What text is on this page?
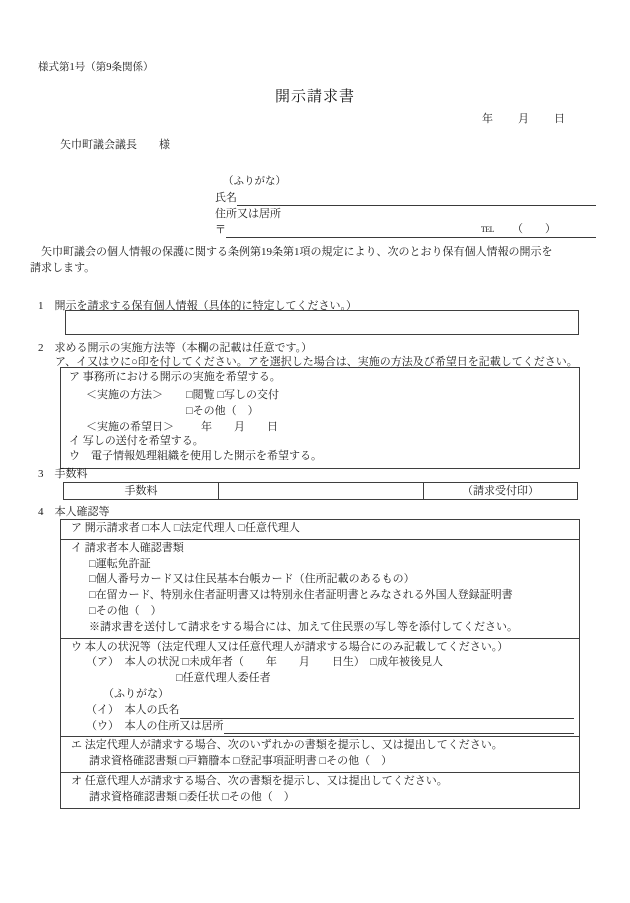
様式第1号（第9条関係）
開示請求書
年　　月　　日
矢巾町議会議長　　様
（ふりがな）
氏名
住所又は居所
〒	TEL （　　）
　矢巾町議会の個人情報の保護に関する条例第19条第1項の規定により、次のとおり保有個人情報の開示を
請求します。
1　開示を請求する保有個人情報（具体的に特定してください。）
2　求める開示の実施方法等（本欄の記載は任意です。）
ア、イ又はウに○印を付してください。アを選択した場合は、実施の方法及び希望日を記載してください。
ア 事務所における開示の実施を希望する。
＜実施の方法＞	□閲覧 □写しの交付
□その他（　）
＜実施の希望日＞	年　　月　　日
イ 写しの送付を希望する。
ウ　電子情報処理組織を使用した開示を希望する。
3　手数料
手数料	（請求受付印）
4　本人確認等
ア 開示請求者 □本人 □法定代理人 □任意代理人
イ 請求者本人確認書類
□運転免許証
□個人番号カード又は住民基本台帳カード（住所記載のあるもの）
□在留カード、特別永住者証明書又は特別永住者証明書とみなされる外国人登録証明書
□その他（　）
※請求書を送付して請求をする場合には、加えて住民票の写し等を添付してください。
ウ 本人の状況等（法定代理人又は任意代理人が請求する場合にのみ記載してください。）
（ア）　本人の状況 □未成年者（　　年　　月　　日生）　□成年被後見人
□任意代理人委任者
（ふりがな）
（イ）　本人の氏名
（ウ）　本人の住所又は居所
エ 法定代理人が請求する場合、次のいずれかの書類を提示し、又は提出してください。
請求資格確認書類 □戸籍謄本 □登記事項証明書 □その他（　）
オ 任意代理人が請求する場合、次の書類を提示し、又は提出してください。
請求資格確認書類 □委任状 □その他（　）
